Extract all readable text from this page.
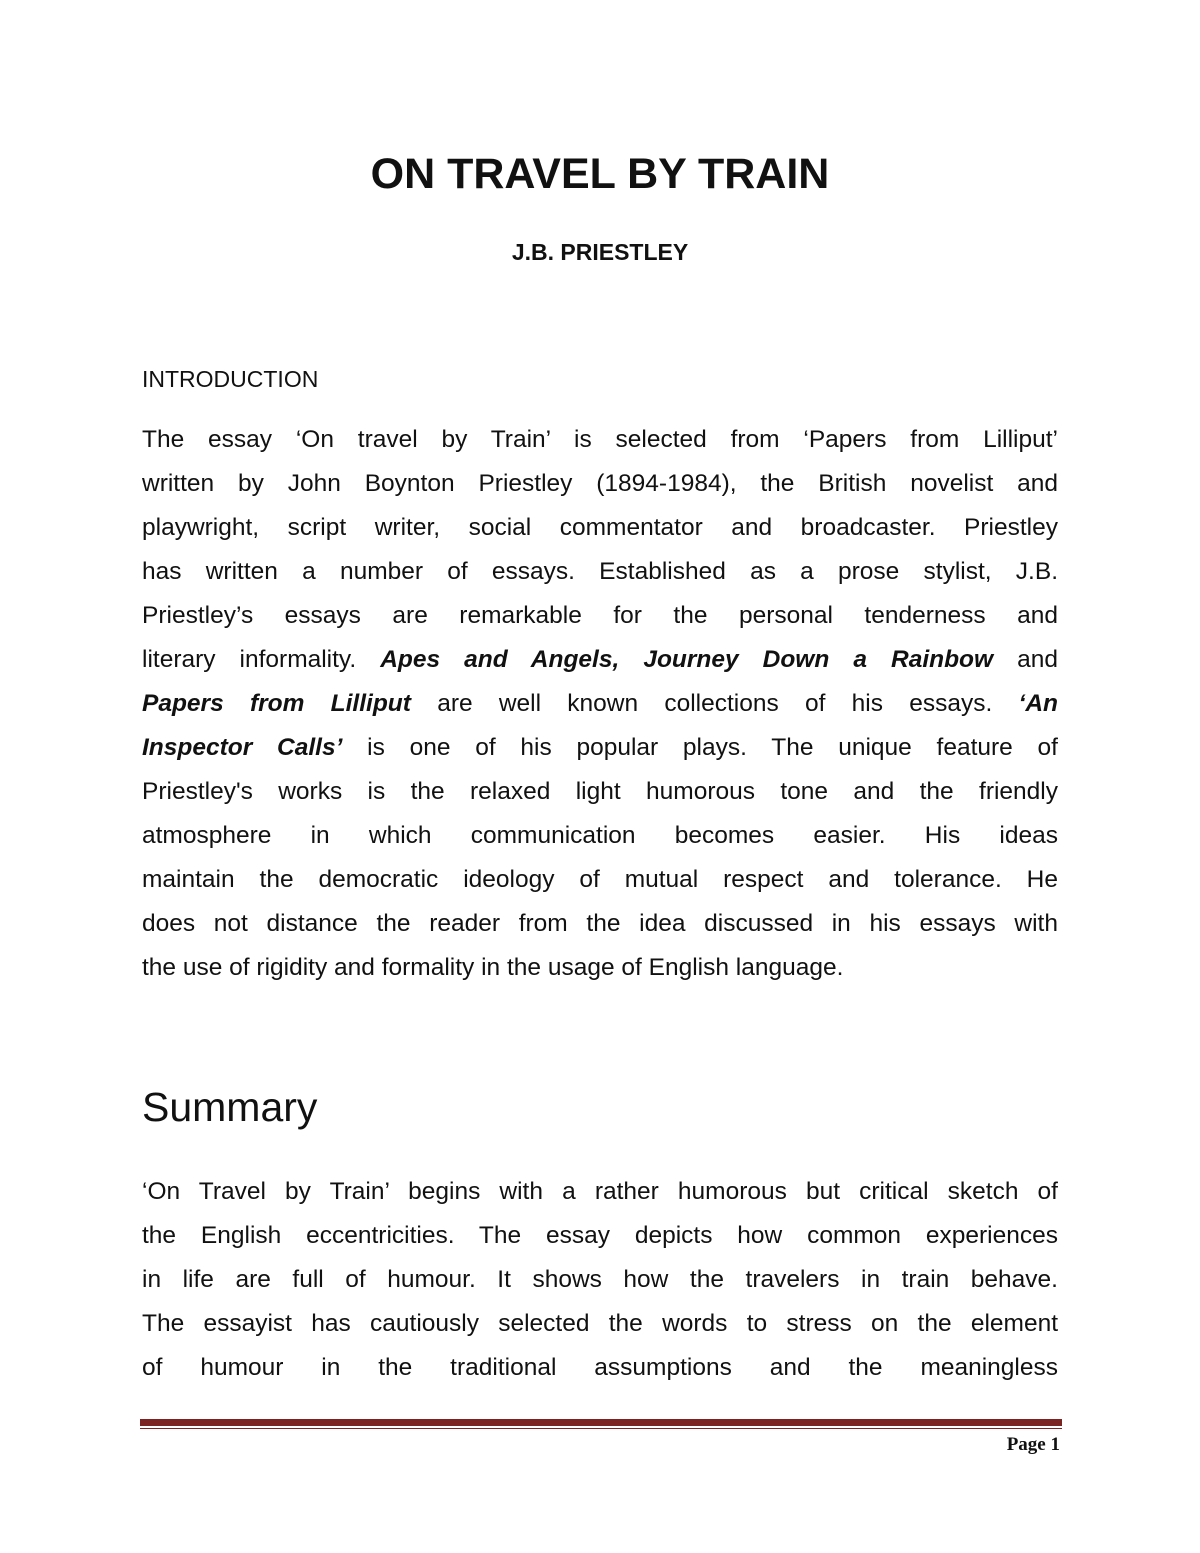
ON TRAVEL BY TRAIN
J.B. PRIESTLEY
INTRODUCTION
The essay ‘On travel by Train’ is selected from ‘Papers from Lilliput’
written by John Boynton Priestley (1894-1984), the British novelist and
playwright, script writer, social commentator and broadcaster. Priestley
has written a number of essays. Established as a prose stylist, J.B.
Priestley’s essays are remarkable for the personal tenderness and
literary informality. Apes and Angels, Journey Down a Rainbow and
Papers from Lilliput are well known collections of his essays. ‘An
Inspector Calls’ is one of his popular plays. The unique feature of
Priestley's works is the relaxed light humorous tone and the friendly
atmosphere in which communication becomes easier. His ideas
maintain the democratic ideology of mutual respect and tolerance. He
does not distance the reader from the idea discussed in his essays with
the use of rigidity and formality in the usage of English language.
Summary
‘On Travel by Train’ begins with a rather humorous but critical sketch of
the English eccentricities. The essay depicts how common experiences
in life are full of humour. It shows how the travelers in train behave.
The essayist has cautiously selected the words to stress on the element
of humour in the traditional assumptions and the meaningless
Page 1
